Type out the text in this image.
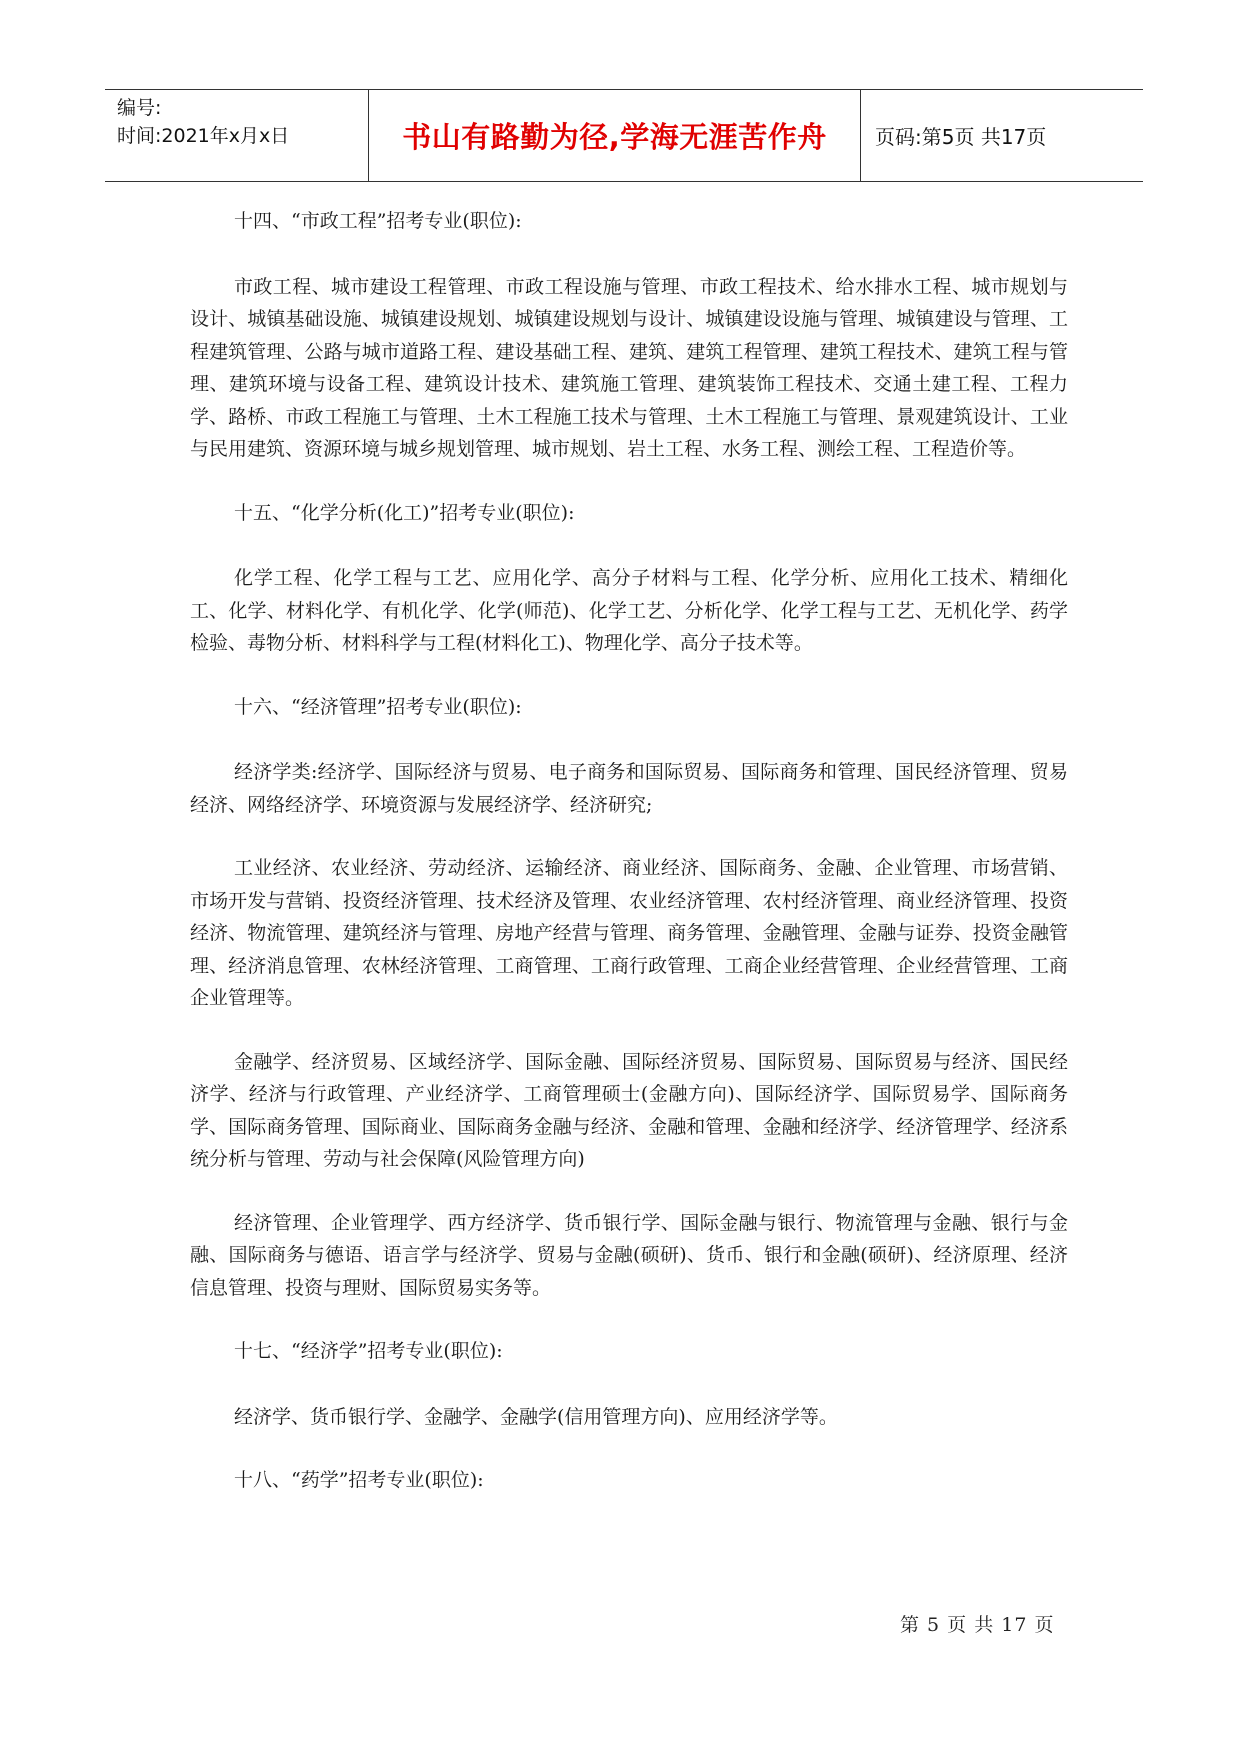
编号:
时间:2021年x月x日	书山有路勤为径,学海无涯苦作舟	页码:第5页 共17页

十四、“市政工程”招考专业(职位):

市政工程、城市建设工程管理、市政工程设施与管理、市政工程技术、给水排水工程、城市规划与设计、城镇基础设施、城镇建设规划、城镇建设规划与设计、城镇建设设施与管理、城镇建设与管理、工程建筑管理、公路与城市道路工程、建设基础工程、建筑、建筑工程管理、建筑工程技术、建筑工程与管理、建筑环境与设备工程、建筑设计技术、建筑施工管理、建筑装饰工程技术、交通土建工程、工程力学、路桥、市政工程施工与管理、土木工程施工技术与管理、土木工程施工与管理、景观建筑设计、工业与民用建筑、资源环境与城乡规划管理、城市规划、岩土工程、水务工程、测绘工程、工程造价等。

十五、“化学分析(化工)”招考专业(职位):

化学工程、化学工程与工艺、应用化学、高分子材料与工程、化学分析、应用化工技术、精细化工、化学、材料化学、有机化学、化学(师范)、化学工艺、分析化学、化学工程与工艺、无机化学、药学检验、毒物分析、材料科学与工程(材料化工)、物理化学、高分子技术等。

十六、“经济管理”招考专业(职位):

经济学类:经济学、国际经济与贸易、电子商务和国际贸易、国际商务和管理、国民经济管理、贸易经济、网络经济学、环境资源与发展经济学、经济研究;

工业经济、农业经济、劳动经济、运输经济、商业经济、国际商务、金融、企业管理、市场营销、市场开发与营销、投资经济管理、技术经济及管理、农业经济管理、农村经济管理、商业经济管理、投资经济、物流管理、建筑经济与管理、房地产经营与管理、商务管理、金融管理、金融与证券、投资金融管理、经济消息管理、农林经济管理、工商管理、工商行政管理、工商企业经营管理、企业经营管理、工商企业管理等。

金融学、经济贸易、区域经济学、国际金融、国际经济贸易、国际贸易、国际贸易与经济、国民经济学、经济与行政管理、产业经济学、工商管理硕士(金融方向)、国际经济学、国际贸易学、国际商务学、国际商务管理、国际商业、国际商务金融与经济、金融和管理、金融和经济学、经济管理学、经济系统分析与管理、劳动与社会保障(风险管理方向)

经济管理、企业管理学、西方经济学、货币银行学、国际金融与银行、物流管理与金融、银行与金融、国际商务与德语、语言学与经济学、贸易与金融(硕研)、货币、银行和金融(硕研)、经济原理、经济信息管理、投资与理财、国际贸易实务等。

十七、“经济学”招考专业(职位):

经济学、货币银行学、金融学、金融学(信用管理方向)、应用经济学等。

十八、“药学”招考专业(职位):

第 5 页 共 17 页
